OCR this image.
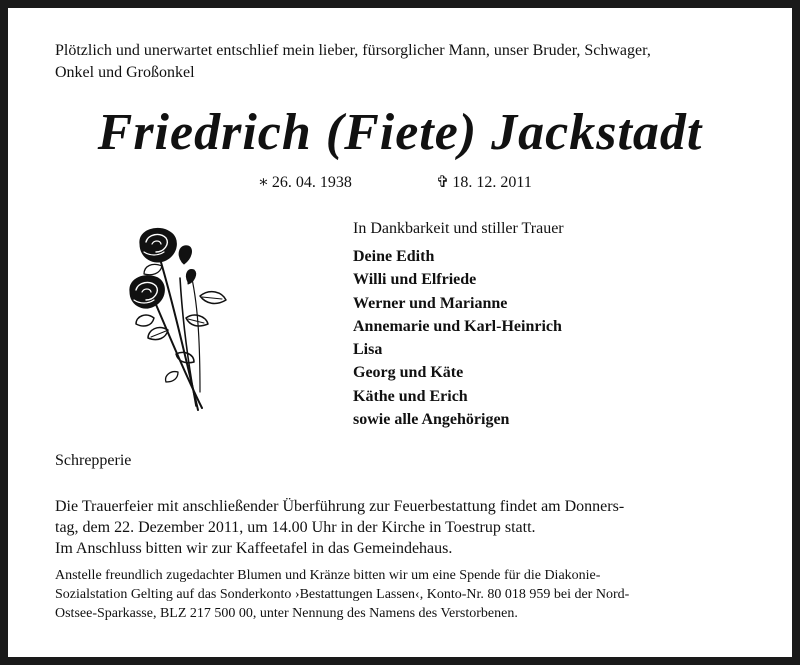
Plötzlich und unerwartet entschlief mein lieber, fürsorglicher Mann, unser Bruder, Schwager,
Onkel und Großonkel
Friedrich (Fiete) Jackstadt
∗ 26. 04. 1938	✞ 18. 12. 2011
In Dankbarkeit und stiller Trauer
Deine Edith
Willi und Elfriede
Werner und Marianne
Annemarie und Karl-Heinrich
Lisa
Georg und Käte
Käthe und Erich
sowie alle Angehörigen
Schrepperie

Die Trauerfeier mit anschließender Überführung zur Feuerbestattung findet am Donners-

tag, dem 22. Dezember 2011, um 14.00 Uhr in der Kirche in Toestrup statt.

Im Anschluss bitten wir zur Kaffeetafel in das Gemeindehaus.

Anstelle freundlich zugedachter Blumen und Kränze bitten wir um eine Spende für die Diakonie-
Sozialstation Gelting auf das Sonderkonto ›Bestattungen Lassen‹, Konto-Nr. 80 018 959 bei der Nord-
Ostsee-Sparkasse, BLZ 217 500 00, unter Nennung des Namens des Verstorbenen.
